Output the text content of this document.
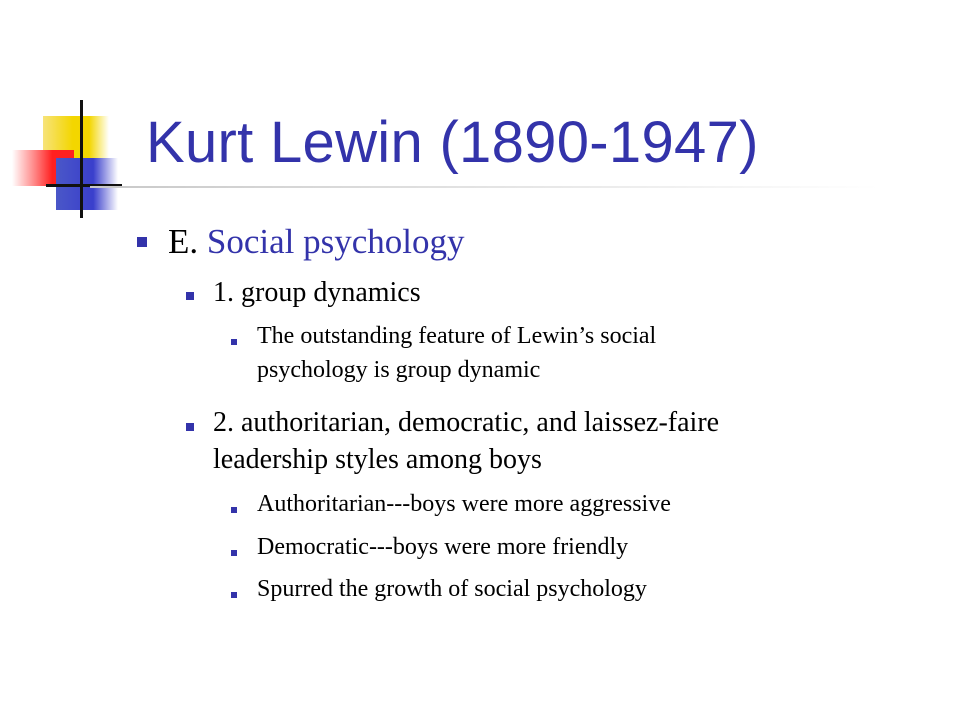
Kurt Lewin (1890-1947)
E. Social psychology
1. group dynamics
The outstanding feature of Lewin’s social
psychology is group dynamic
2. authoritarian, democratic, and laissez-faire
leadership styles among boys
Authoritarian---boys were more aggressive
Democratic---boys were more friendly
Spurred the growth of social psychology
